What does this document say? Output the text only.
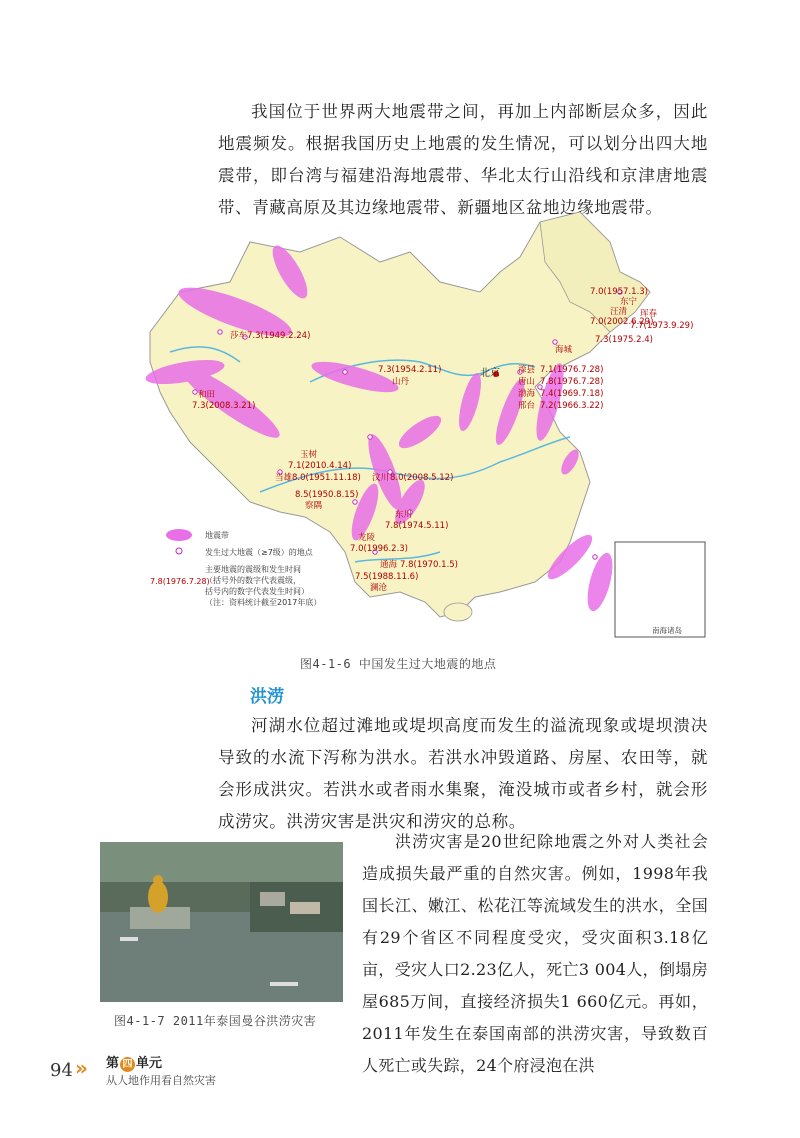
我国位于世界两大地震带之间，再加上内部断层众多，因此地震频发。根据我国历史上地震的发生情况，可以划分出四大地震带，即台湾与福建沿海地震带、华北太行山沿线和京津唐地震带、青藏高原及其边缘地震带、新疆地区盆地边缘地震带。

滦县 7.1(1976.7.28)
唐山 7.8(1976.7.28)
渤海 7.4(1969.7.18)
邢台 7.2(1966.3.22)
海城
7.3(1975.2.4)
7.0(1957.1.3)
东宁
汪清
7.0(2002.6.29)
珲春
7.7(1973.9.29)
莎车7.3(1949.2.24)
和田
7.3(2008.3.21)
7.3(1954.2.11)
山丹
玉树
7.1(2010.4.14)
当雄8.0(1951.11.18)
8.5(1950.8.15)
察隅
汶川 8.0(2008.5.12)
东川
7.8(1974.5.11)
龙陵
7.0(1996.2.3)
通海 7.8(1970.1.5)
7.5(1988.11.6)
澜沧
北京
南海诸岛
地震带
发生过大地震（≥7级）的地点
7.8(1976.7.28)
主要地震的震级和发生时间
（括号外的数字代表震级，
括号内的数字代表发生时间）
（注：资料统计截至2017年底）
图4-1-6 中国发生过大地震的地点
洪涝

河湖水位超过滩地或堤坝高度而发生的溢流现象或堤坝溃决导致的水流下泻称为洪水。若洪水冲毁道路、房屋、农田等，就会形成洪灾。若洪水或者雨水集聚，淹没城市或者乡村，就会形成涝灾。洪涝灾害是洪灾和涝灾的总称。

图4-1-7 2011年泰国曼谷洪涝灾害

洪涝灾害是20世纪除地震之外对人类社会造成损失最严重的自然灾害。例如，1998年我国长江、嫩江、松花江等流域发生的洪水，全国有29个省区不同程度受灾，受灾面积3.18亿亩，受灾人口2.23亿人，死亡3 004人，倒塌房屋685万间，直接经济损失1 660亿元。再如，2011年发生在泰国南部的洪涝灾害，导致数百人死亡或失踪，24个府浸泡在洪

94 » 第 四 单元
从人地作用看自然灾害
